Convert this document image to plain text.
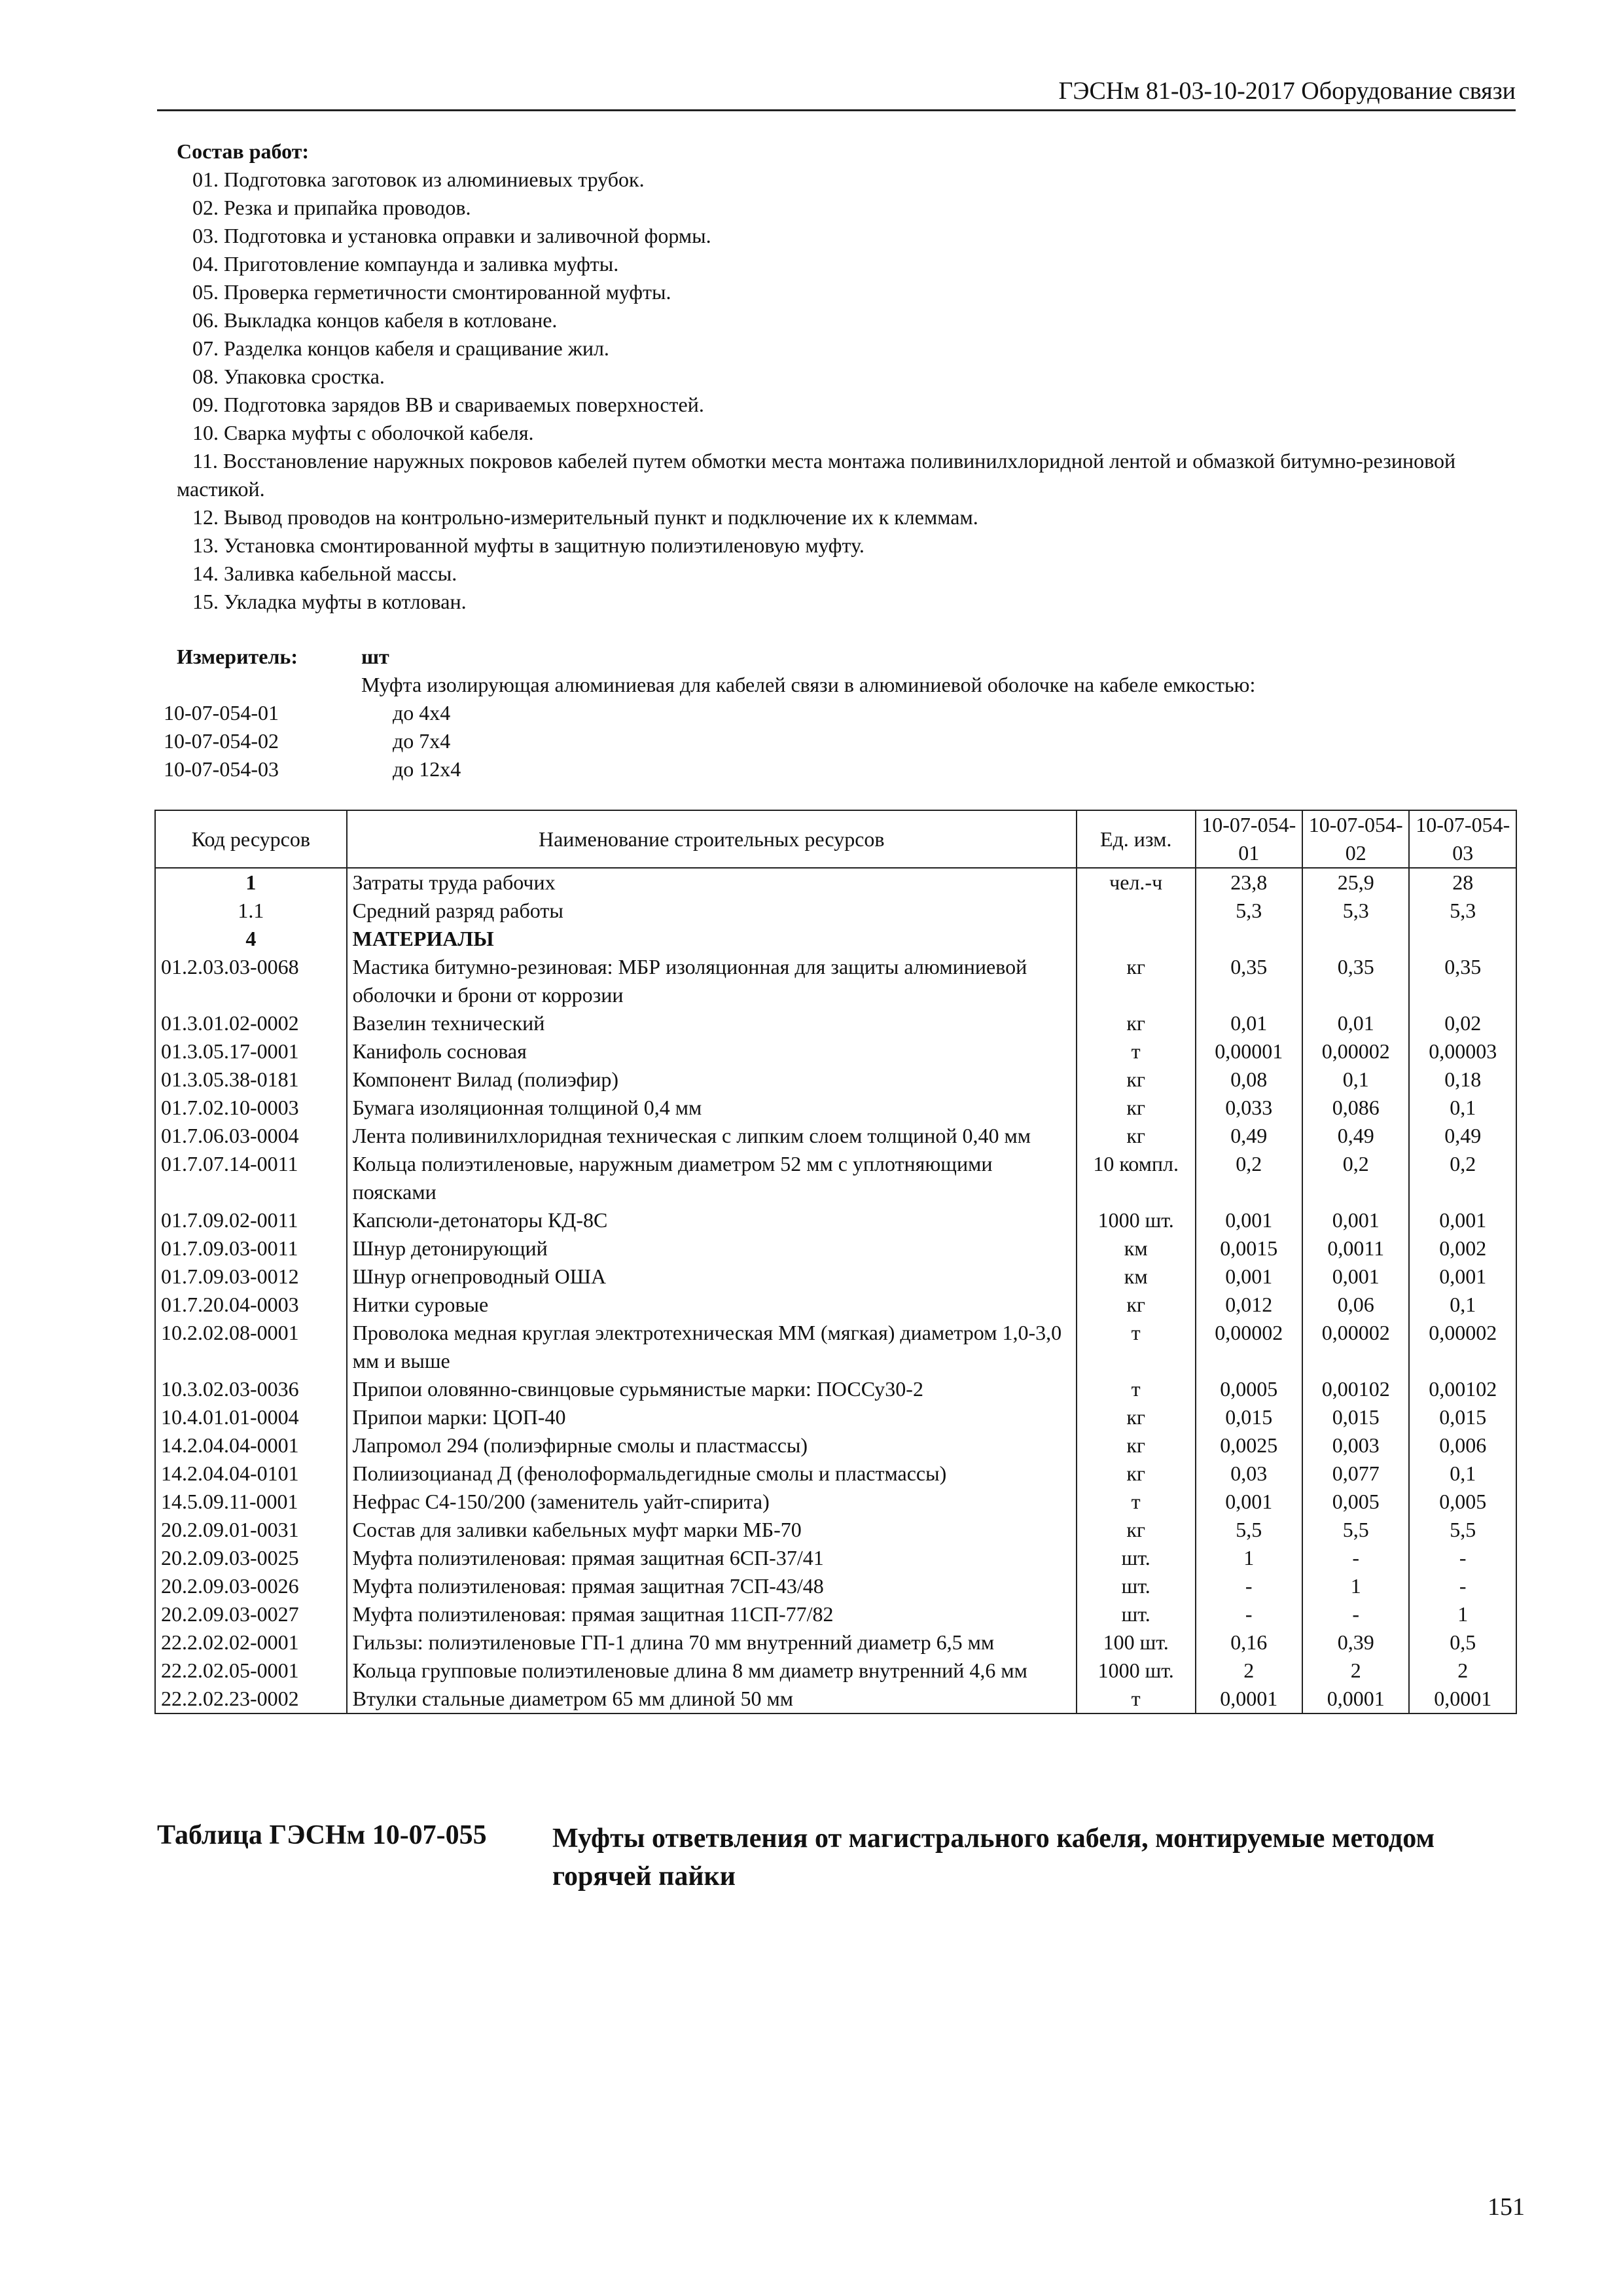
ГЭСНм 81-03-10-2017 Оборудование связи
Состав работ:
01. Подготовка заготовок из алюминиевых трубок.
02. Резка и припайка проводов.
03. Подготовка и установка оправки и заливочной формы.
04. Приготовление компаунда и заливка муфты.
05. Проверка герметичности смонтированной муфты.
06. Выкладка концов кабеля в котловане.
07. Разделка концов кабеля и сращивание жил.
08. Упаковка сростка.
09. Подготовка зарядов ВВ и свариваемых поверхностей.
10. Сварка муфты с оболочкой кабеля.
11. Восстановление наружных покровов кабелей путем обмотки места монтажа поливинилхлоридной лентой и обмазкой битумно-резиновой мастикой.
12. Вывод проводов на контрольно-измерительный пункт и подключение их к клеммам.
13. Установка смонтированной муфты в защитную полиэтиленовую муфту.
14. Заливка кабельной массы.
15. Укладка муфты в котлован.
Измеритель:	шт
Муфта изолирующая алюминиевая для кабелей связи в алюминиевой оболочке на кабеле емкостью:
10-07-054-01	до 4х4
10-07-054-02	до 7х4
10-07-054-03	до 12х4
Код ресурсов	Наименование строительных ресурсов	Ед. изм.	10-07-054-01	10-07-054-02	10-07-054-03
1	Затраты труда рабочих	чел.-ч	23,8	25,9	28
1.1	Средний разряд работы		5,3	5,3	5,3
4	МАТЕРИАЛЫ				
01.2.03.03-0068	Мастика битумно-резиновая: МБР изоляционная для защиты алюминиевой оболочки и брони от коррозии	кг	0,35	0,35	0,35
01.3.01.02-0002	Вазелин технический	кг	0,01	0,01	0,02
01.3.05.17-0001	Канифоль сосновая	т	0,00001	0,00002	0,00003
01.3.05.38-0181	Компонент Вилад (полиэфир)	кг	0,08	0,1	0,18
01.7.02.10-0003	Бумага изоляционная толщиной 0,4 мм	кг	0,033	0,086	0,1
01.7.06.03-0004	Лента поливинилхлоридная техническая с липким слоем толщиной 0,40 мм	кг	0,49	0,49	0,49
01.7.07.14-0011	Кольца полиэтиленовые, наружным диаметром 52 мм с уплотняющими поясками	10 компл.	0,2	0,2	0,2
01.7.09.02-0011	Капсюли-детонаторы КД-8С	1000 шт.	0,001	0,001	0,001
01.7.09.03-0011	Шнур детонирующий	км	0,0015	0,0011	0,002
01.7.09.03-0012	Шнур огнепроводный ОША	км	0,001	0,001	0,001
01.7.20.04-0003	Нитки суровые	кг	0,012	0,06	0,1
10.2.02.08-0001	Проволока медная круглая электротехническая ММ (мягкая) диаметром 1,0-3,0 мм и выше	т	0,00002	0,00002	0,00002
10.3.02.03-0036	Припои оловянно-свинцовые сурьмянистые марки: ПОССу30-2	т	0,0005	0,00102	0,00102
10.4.01.01-0004	Припои марки: ЦОП-40	кг	0,015	0,015	0,015
14.2.04.04-0001	Лапромол 294 (полиэфирные смолы и пластмассы)	кг	0,0025	0,003	0,006
14.2.04.04-0101	Полиизоцианад Д (фенолоформальдегидные смолы и пластмассы)	кг	0,03	0,077	0,1
14.5.09.11-0001	Нефрас С4-150/200 (заменитель уайт-спирита)	т	0,001	0,005	0,005
20.2.09.01-0031	Состав для заливки кабельных муфт марки МБ-70	кг	5,5	5,5	5,5
20.2.09.03-0025	Муфта полиэтиленовая: прямая защитная 6СП-37/41	шт.	1	-	-
20.2.09.03-0026	Муфта полиэтиленовая: прямая защитная 7СП-43/48	шт.	-	1	-
20.2.09.03-0027	Муфта полиэтиленовая: прямая защитная 11СП-77/82	шт.	-	-	1
22.2.02.02-0001	Гильзы: полиэтиленовые ГП-1 длина 70 мм внутренний диаметр 6,5 мм	100 шт.	0,16	0,39	0,5
22.2.02.05-0001	Кольца групповые полиэтиленовые длина 8 мм диаметр внутренний 4,6 мм	1000 шт.	2	2	2
22.2.02.23-0002	Втулки стальные диаметром 65 мм длиной 50 мм	т	0,0001	0,0001	0,0001
Таблица ГЭСНм 10-07-055 Муфты ответвления от магистрального кабеля, монтируемые методом горячей пайки
151
